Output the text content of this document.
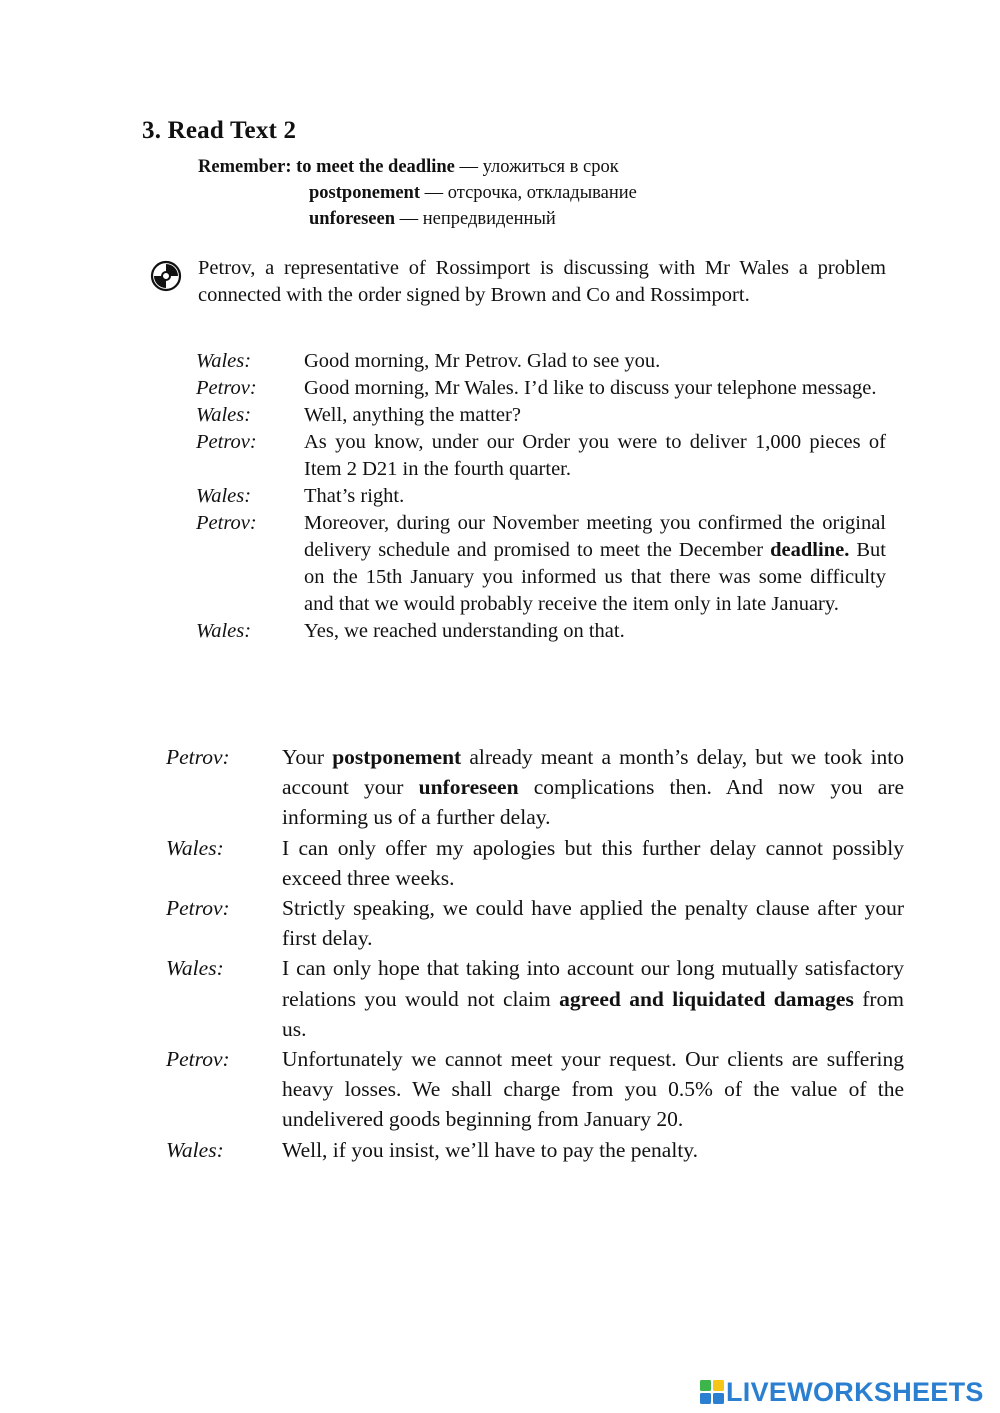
3. Read Text 2
Remember: to meet the deadline — уложиться в срок
postponement — отсрочка, откладывание
unforeseen — непредвиденный
Petrov, a representative of Rossimport is discussing with Mr Wales a problem connected with the order signed by Brown and Co and Rossimport.
Wales:	Good morning, Mr Petrov. Glad to see you.
Petrov:	Good morning, Mr Wales. I’d like to discuss your telephone message.
Wales:	Well, anything the matter?
Petrov:	As you know, under our Order you were to deliver 1,000 pieces of Item 2 D21 in the fourth quarter.
Wales:	That’s right.
Petrov:	Moreover, during our November meeting you confirmed the original delivery schedule and promised to meet the December deadline. But on the 15th January you informed us that there was some difficulty and that we would probably receive the item only in late January.
Wales:	Yes, we reached understanding on that.
Petrov:	Your postponement already meant a month’s delay, but we took into account your unforeseen complications then. And now you are informing us of a further delay.
Wales:	I can only offer my apologies but this further delay cannot possibly exceed three weeks.
Petrov:	Strictly speaking, we could have applied the penalty clause after your first delay.
Wales:	I can only hope that taking into account our long mutually satisfactory relations you would not claim agreed and liquidated damages from us.
Petrov:	Unfortunately we cannot meet your request. Our clients are suffering heavy losses. We shall charge from you 0.5% of the value of the undelivered goods beginning from January 20.
Wales:	Well, if you insist, we’ll have to pay the penalty.
LIVEWORKSHEETS
